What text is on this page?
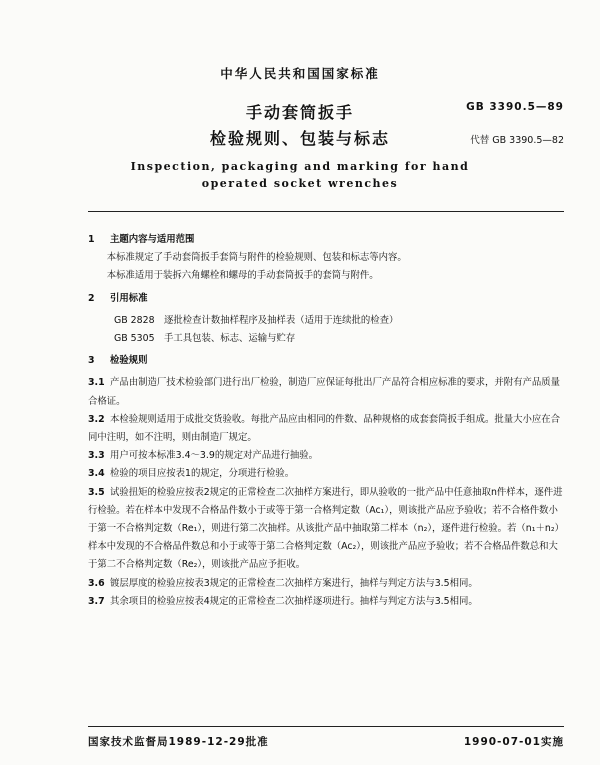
中华人民共和国国家标准
手动套筒扳手
检验规则、包装与标志
GB 3390.5—89
代替 GB 3390.5—82
Inspection, packaging and marking for hand
operated socket wrenches
1 主题内容与适用范围
本标准规定了手动套筒扳手套筒与附件的检验规则、包装和标志等内容。
本标准适用于装拆六角螺栓和螺母的手动套筒扳手的套筒与附件。
2 引用标准
GB 2828 逐批检查计数抽样程序及抽样表（适用于连续批的检查）
GB 5305 手工具包装、标志、运输与贮存
3 检验规则
3.1 产品由制造厂技术检验部门进行出厂检验，制造厂应保证每批出厂产品符合相应标准的要求，并附有产品质量合格证。
3.2 本检验规则适用于成批交货验收。每批产品应由相同的件数、品种规格的成套套筒扳手组成。批量大小应在合同中注明，如不注明，则由制造厂规定。
3.3 用户可按本标准3.4～3.9的规定对产品进行抽验。
3.4 检验的项目应按表1的规定，分项进行检验。
3.5 试验扭矩的检验应按表2规定的正常检查二次抽样方案进行，即从验收的一批产品中任意抽取n件样本，逐件进行检验。若在样本中发现不合格品件数小于或等于第一合格判定数（Ac₁），则该批产品应予验收；若不合格件数小于第一不合格判定数（Re₁），则进行第二次抽样。从该批产品中抽取第二样本（n₂），逐件进行检验。若（n₁＋n₂）样本中发现的不合格品件数总和小于或等于第二合格判定数（Ac₂），则该批产品应予验收；若不合格品件数总和大于第二不合格判定数（Re₂），则该批产品应予拒收。
3.6 镀层厚度的检验应按表3规定的正常检查二次抽样方案进行，抽样与判定方法与3.5相同。
3.7 其余项目的检验应按表4规定的正常检查二次抽样逐项进行。抽样与判定方法与3.5相同。
国家技术监督局1989-12-29批准	1990-07-01实施
